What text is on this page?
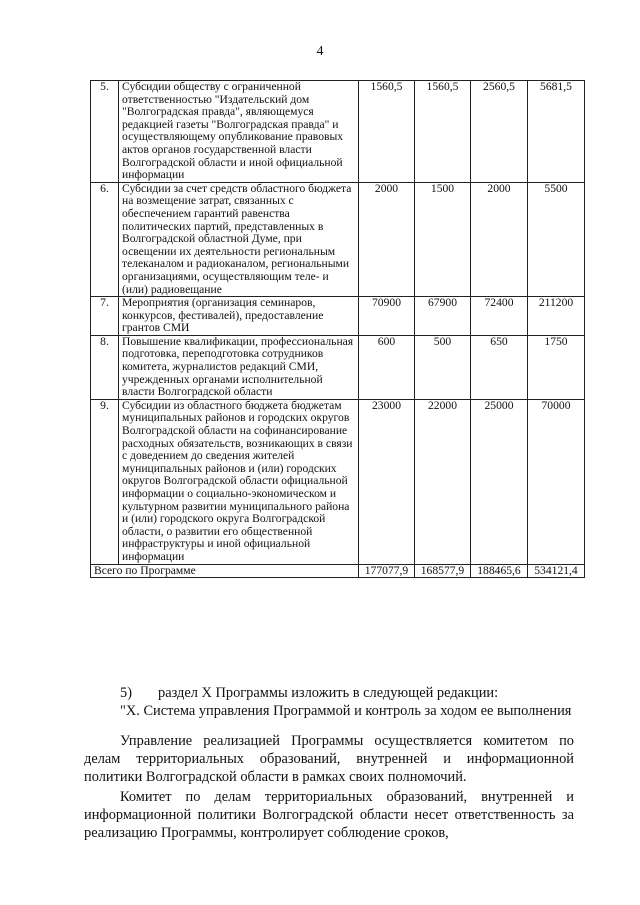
4
5.	Субсидии обществу с ограниченной ответственностью "Издательский дом "Волгоградская правда", являющемуся редакцией газеты "Волгоградская правда" и осуществляющему опубликование правовых актов органов государственной власти Волгоградской области и иной официальной информации	1560,5	1560,5	2560,5	5681,5
6.	Субсидии за счет средств областного бюджета на возмещение затрат, связанных с обеспечением гарантий равенства политических партий, представленных в Волгоградской областной Думе, при освещении их деятельности региональным телеканалом и радиоканалом, региональными организациями, осуществляющим теле- и (или) радиовещание	2000	1500	2000	5500
7.	Мероприятия (организация семинаров, конкурсов, фестивалей), предоставление грантов СМИ	70900	67900	72400	211200
8.	Повышение квалификации, профессиональная подготовка, переподготовка сотрудников комитета, журналистов редакций СМИ, учрежденных органами исполнительной власти Волгоградской области	600	500	650	1750
9.	Субсидии из областного бюджета бюджетам муниципальных районов и городских округов Волгоградской области на софинансирование расходных обязательств, возникающих в связи с доведением до сведения жителей муниципальных районов и (или) городских округов Волгоградской области официальной информации о социально-экономическом и культурном развитии муниципального района и (или) городского округа Волгоградской области, о развитии его общественной инфраструктуры и иной официальной информации	23000	22000	25000	70000
Всего по Программе		177077,9	168577,9	188465,6	534121,4
5) раздел X Программы изложить в следующей редакции:
"X. Система управления Программой и контроль за ходом ее выполнения
Управление реализацией Программы осуществляется комитетом по делам территориальных образований, внутренней и информационной политики Волгоградской области в рамках своих полномочий.
Комитет по делам территориальных образований, внутренней и информационной политики Волгоградской области несет ответственность за реализацию Программы, контролирует соблюдение сроков,
